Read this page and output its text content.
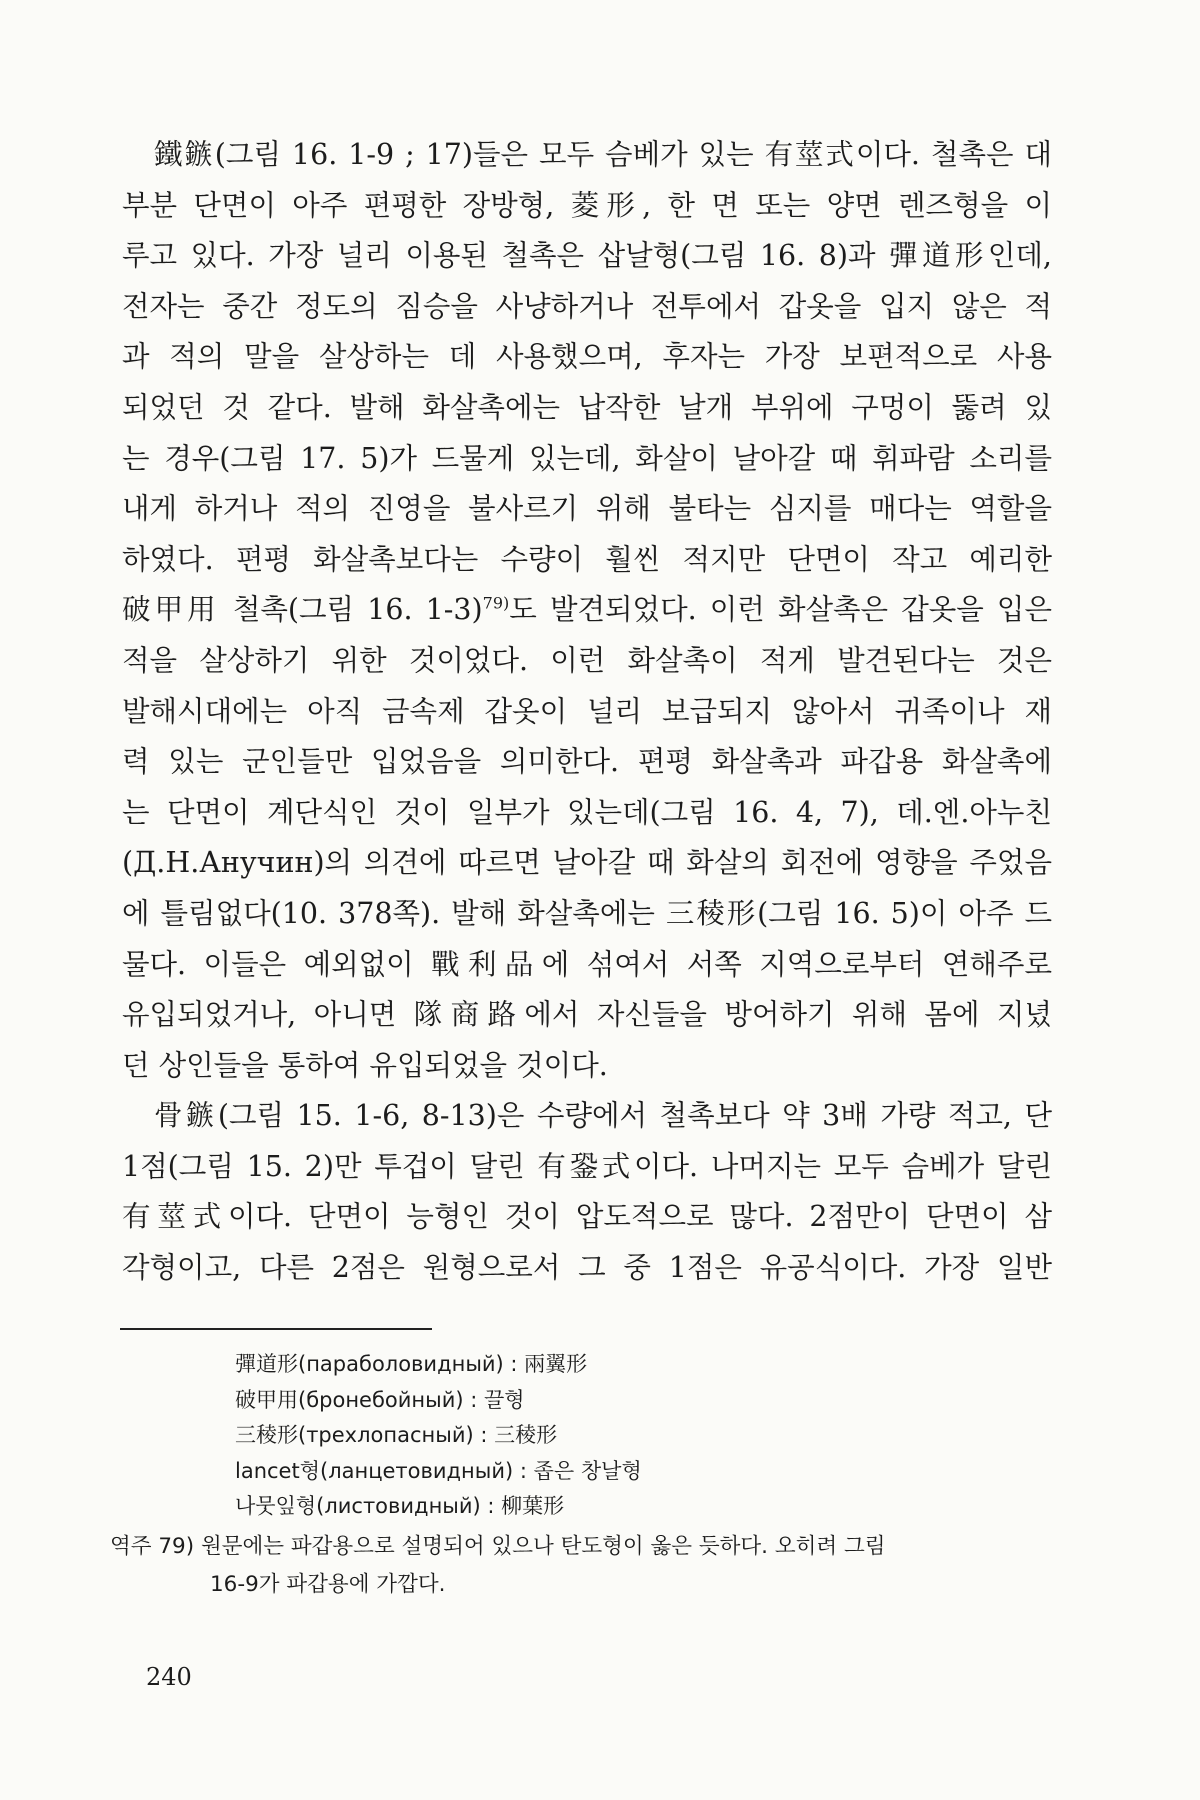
鐵鏃(그림 16. 1-9 ; 17)들은 모두 슴베가 있는 有莖式이다. 철촉은 대
부분 단면이 아주 편평한 장방형, 菱形, 한 면 또는 양면 렌즈형을 이
루고 있다. 가장 널리 이용된 철촉은 삽날형(그림 16. 8)과 彈道形인데,
전자는 중간 정도의 짐승을 사냥하거나 전투에서 갑옷을 입지 않은 적
과 적의 말을 살상하는 데 사용했으며, 후자는 가장 보편적으로 사용
되었던 것 같다. 발해 화살촉에는 납작한 날개 부위에 구멍이 뚫려 있
는 경우(그림 17. 5)가 드물게 있는데, 화살이 날아갈 때 휘파람 소리를
내게 하거나 적의 진영을 불사르기 위해 불타는 심지를 매다는 역할을
하였다. 편평 화살촉보다는 수량이 훨씬 적지만 단면이 작고 예리한
破甲用 철촉(그림 16. 1-3)$^{79)}$도 발견되었다. 이런 화살촉은 갑옷을 입은
적을 살상하기 위한 것이었다. 이런 화살촉이 적게 발견된다는 것은
발해시대에는 아직 금속제 갑옷이 널리 보급되지 않아서 귀족이나 재
력 있는 군인들만 입었음을 의미한다. 편평 화살촉과 파갑용 화살촉에
는 단면이 계단식인 것이 일부가 있는데(그림 16. 4, 7), 데.엔.아누친
(Д.Н.Анучин)의 의견에 따르면 날아갈 때 화살의 회전에 영향을 주었음
에 틀림없다(10. 378쪽). 발해 화살촉에는 三稜形(그림 16. 5)이 아주 드
물다. 이들은 예외없이 戰利品에 섞여서 서쪽 지역으로부터 연해주로
유입되었거나, 아니면 隊商路에서 자신들을 방어하기 위해 몸에 지녔
던 상인들을 통하여 유입되었을 것이다.
骨鏃(그림 15. 1-6, 8-13)은 수량에서 철촉보다 약 3배 가량 적고, 단
1점(그림 15. 2)만 투겁이 달린 有銎式이다. 나머지는 모두 슴베가 달린
有莖式이다. 단면이 능형인 것이 압도적으로 많다. 2점만이 단면이 삼
각형이고, 다른 2점은 원형으로서 그 중 1점은 유공식이다. 가장 일반
彈道形(параболовидный) : 兩翼形
破甲用(бронебойный) : 끌형
三稜形(трехлопасный) : 三稜形
lancet형(ланцетовидный) : 좁은 창날형
나뭇잎형(листовидный) : 柳葉形
역주 79) 원문에는 파갑용으로 설명되어 있으나 탄도형이 옳은 듯하다. 오히려 그림
16-9가 파갑용에 가깝다.
240
